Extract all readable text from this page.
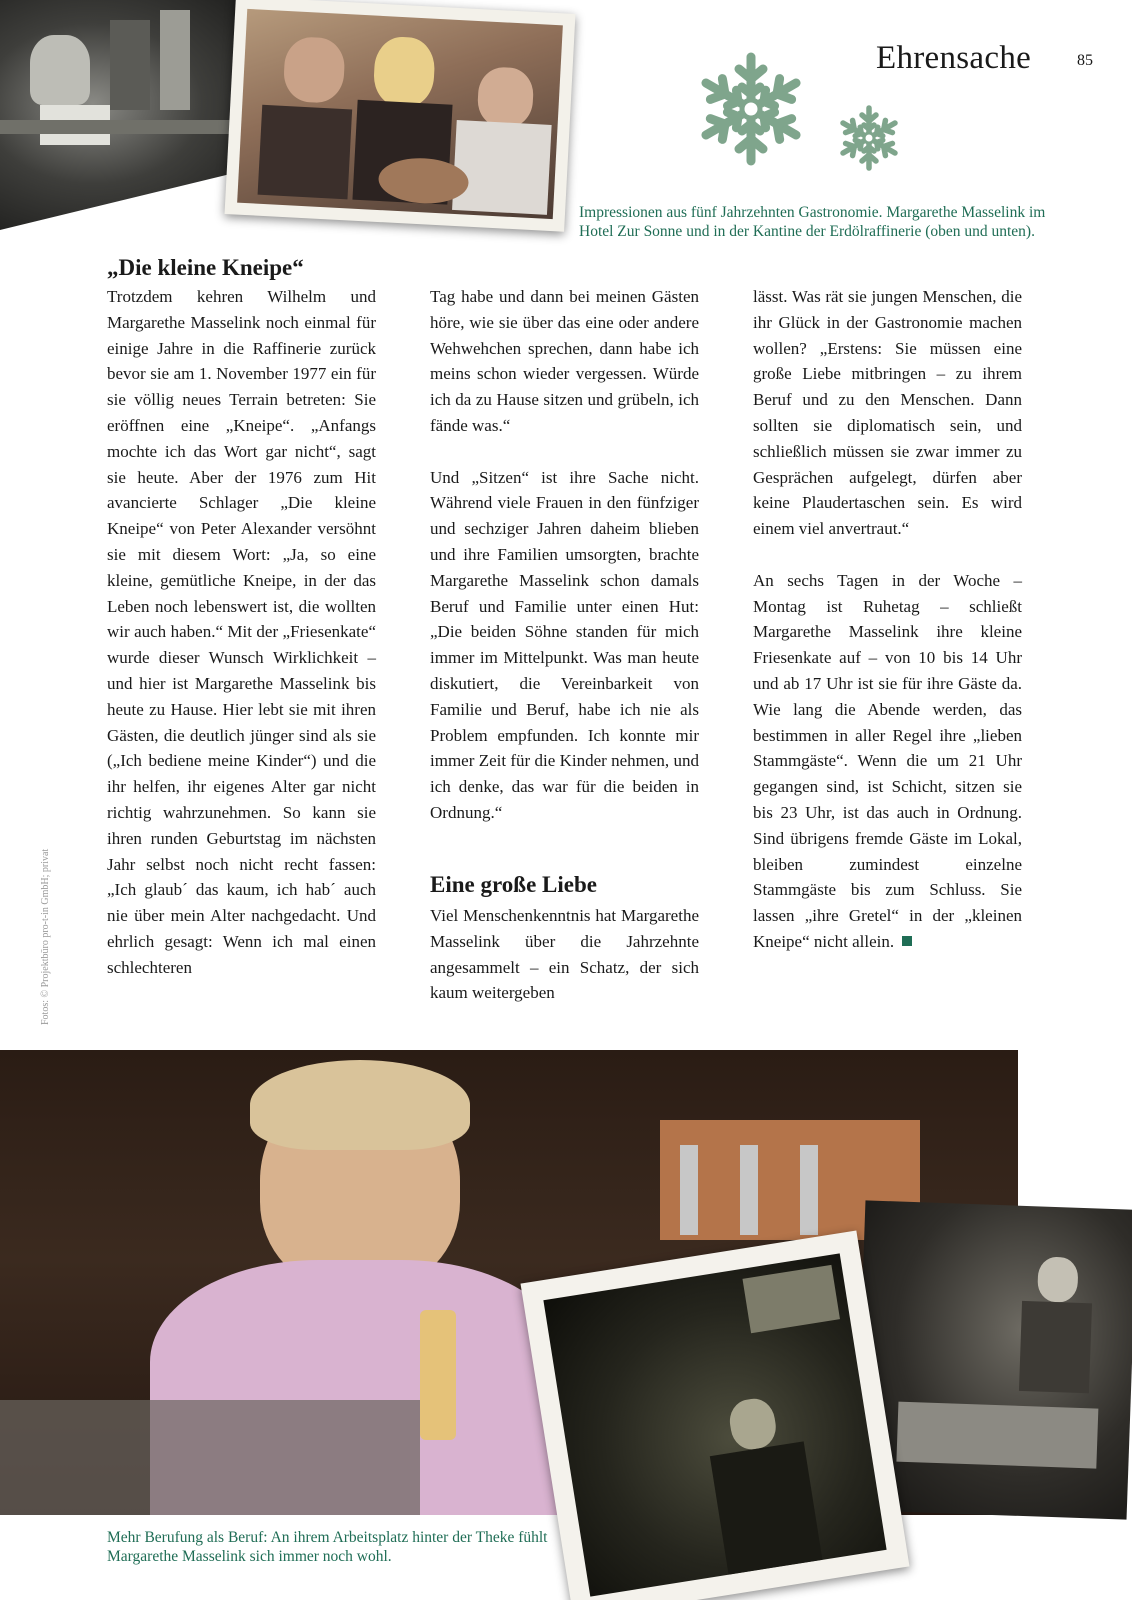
Ehrensache	85
Impressionen aus fünf Jahrzehnten Gastronomie. Margarethe Masselink im Hotel Zur Sonne und in der Kantine der Erdölraffinerie (oben und unten).
„Die kleine Kneipe“

Trotzdem kehren Wilhelm und Margarethe Masselink noch einmal für einige Jahre in die Raffinerie zurück bevor sie am 1. November 1977 ein für sie völlig neues Terrain betreten: Sie eröffnen eine „Kneipe“. „Anfangs mochte ich das Wort gar nicht“, sagt sie heute. Aber der 1976 zum Hit avancierte Schlager „Die kleine Kneipe“ von Peter Alexander versöhnt sie mit diesem Wort: „Ja, so eine kleine, gemütliche Kneipe, in der das Leben noch lebenswert ist, die wollten wir auch haben.“ Mit der „Friesenkate“ wurde dieser Wunsch Wirklichkeit – und hier ist Margarethe Masselink bis heute zu Hause. Hier lebt sie mit ihren Gästen, die deutlich jünger sind als sie („Ich bediene meine Kinder“) und die ihr helfen, ihr eigenes Alter gar nicht richtig wahrzunehmen. So kann sie ihren runden Geburtstag im nächsten Jahr selbst noch nicht recht fassen: „Ich glaub´ das kaum, ich hab´ auch nie über mein Alter nachgedacht. Und ehrlich gesagt: Wenn ich mal einen schlechteren

Tag habe und dann bei meinen Gästen höre, wie sie über das eine oder andere Wehwehchen sprechen, dann habe ich meins schon wieder vergessen. Würde ich da zu Hause sitzen und grübeln, ich fände was.“

Und „Sitzen“ ist ihre Sache nicht. Während viele Frauen in den fünfziger und sechziger Jahren daheim blieben und ihre Familien umsorgten, brachte Margarethe Masselink schon damals Beruf und Familie unter einen Hut: „Die beiden Söhne standen für mich immer im Mittelpunkt. Was man heute diskutiert, die Vereinbarkeit von Familie und Beruf, habe ich nie als Problem empfunden. Ich konnte mir immer Zeit für die Kinder nehmen, und ich denke, das war für die beiden in Ordnung.“

Eine große Liebe

Viel Menschenkenntnis hat Margarethe Masselink über die Jahrzehnte angesammelt – ein Schatz, der sich kaum weitergeben

lässt. Was rät sie jungen Menschen, die ihr Glück in der Gastronomie machen wollen? „Erstens: Sie müssen eine große Liebe mitbringen – zu ihrem Beruf und zu den Menschen. Dann sollten sie diplomatisch sein, und schließlich müssen sie zwar immer zu Gesprächen aufgelegt, dürfen aber keine Plaudertaschen sein. Es wird einem viel anvertraut.“

An sechs Tagen in der Woche – Montag ist Ruhetag – schließt Margarethe Masselink ihre kleine Friesenkate auf – von 10 bis 14 Uhr und ab 17 Uhr ist sie für ihre Gäste da. Wie lang die Abende werden, das bestimmen in aller Regel ihre „lieben Stammgäste“. Wenn die um 21 Uhr gegangen sind, ist Schicht, sitzen sie bis 23 Uhr, ist das auch in Ordnung. Sind übrigens fremde Gäste im Lokal, bleiben zumindest einzelne Stammgäste bis zum Schluss. Sie lassen „ihre Gretel“ in der „kleinen Kneipe“ nicht allein.

Fotos: © Projektbüro pro-t-in GmbH; privat
Mehr Berufung als Beruf: An ihrem Arbeitsplatz hinter der Theke fühlt Margarethe Masselink sich immer noch wohl.
